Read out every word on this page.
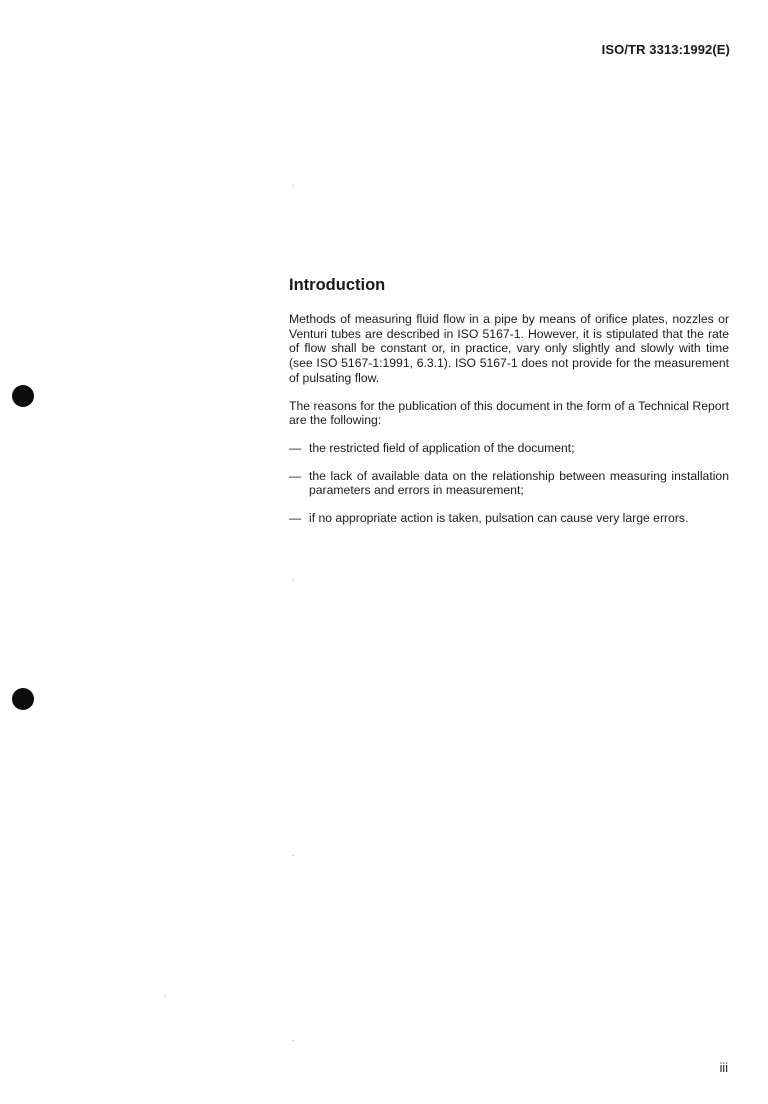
ISO/TR 3313:1992(E)
Introduction

Methods of measuring fluid flow in a pipe by means of orifice plates, nozzles or Venturi tubes are described in ISO 5167-1. However, it is stipulated that the rate of flow shall be constant or, in practice, vary only slightly and slowly with time (see ISO 5167-1:1991, 6.3.1). ISO 5167-1 does not provide for the measurement of pulsating flow.

The reasons for the publication of this document in the form of a Technical Report are the following:

— the restricted field of application of the document;
— the lack of available data on the relationship between measuring installation parameters and errors in measurement;
— if no appropriate action is taken, pulsation can cause very large errors.
iii
